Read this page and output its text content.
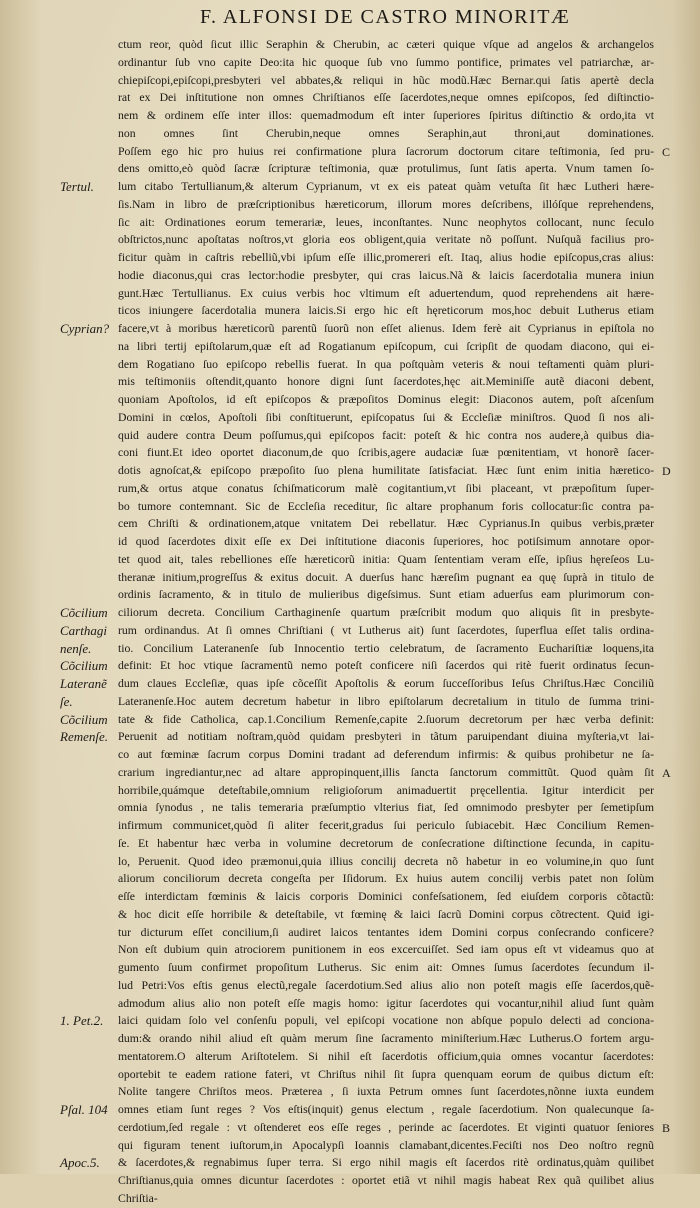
F. ALFONSI DE CASTRO MINORITÆ
ctum reor, quòd ſicut illic Seraphin & Cherubin, ac cæteri quique vſque ad angelos & archangelos
ordinantur ſub vno capite Deo:ita hic quoque ſub vno ſummo pontifice, primates vel patriarchæ, ar-
chiepiſcopi,epiſcopi,presbyteri vel abbates,& reliqui in hũc modũ.Hæc Bernar.qui ſatis apertè decla
rat ex Dei inſtitutione non omnes Chriſtianos eſſe ſacerdotes,neque omnes epiſcopos, ſed diſtinctio-
nem & ordinem eſſe inter illos: quemadmodum eſt inter ſuperiores ſpiritus diſtinctio & ordo,ita vt
non omnes ſint Cherubin,neque omnes Seraphin,aut throni,aut dominationes.
Poſſem ego hic pro huius rei confirmatione plura ſacrorum doctorum citare teſtimonia, ſed pru-
dens omitto,eò quòd ſacræ ſcripturæ teſtimonia, quæ protulimus, ſunt ſatis aperta. Vnum tamen ſo-
lum citabo Tertullianum,& alterum Cyprianum, vt ex eis pateat quàm vetuſta ſit hæc Lutheri hære-
ſis.Nam in libro de præſcriptionibus hæreticorum, illorum mores deſcribens, illóſque reprehendens,
ſic ait: Ordinationes eorum temerariæ, leues, inconſtantes. Nunc neophytos collocant, nunc ſeculo
obſtrictos,nunc apoſtatas noſtros,vt gloria eos obligent,quia veritate nõ poſſunt. Nuſquã facilius pro-
ficitur quàm in caſtris rebelliũ,vbi ipſum eſſe illic,promereri eſt. Itaq, alius hodie epiſcopus,cras alius:
hodie diaconus,qui cras lector:hodie presbyter, qui cras laicus.Nã & laicis ſacerdotalia munera iniun
gunt.Hæc Tertullianus. Ex cuius verbis hoc vltimum eſt aduertendum, quod reprehendens ait hære-
ticos iniungere ſacerdotalia munera laicis.Si ergo hic eſt hęreticorum mos,hoc debuit Lutherus etiam
facere,vt à moribus hæreticorũ parentũ ſuorũ non eſſet alienus. Idem ferè ait Cyprianus in epiſtola no
na libri tertij epiſtolarum,quæ eſt ad Rogatianum epiſcopum, cui ſcripſit de quodam diacono, qui ei-
dem Rogatiano ſuo epiſcopo rebellis fuerat. In qua poſtquàm veteris & noui teſtamenti quàm pluri-
mis teſtimoniis oſtendit,quanto honore digni ſunt ſacerdotes,hęc ait.Meminiſſe autẽ diaconi debent,
quoniam Apoſtolos, id eſt epiſcopos & præpoſitos Dominus elegit: Diaconos autem, poſt aſcenſum
Domini in cœlos, Apoſtoli ſibi conſtituerunt, epiſcopatus ſui & Eccleſiæ miniſtros. Quod ſi nos ali-
quid audere contra Deum poſſumus,qui epiſcopos facit: poteſt & hic contra nos audere,à quibus dia-
coni fiunt.Et ideo oportet diaconum,de quo ſcribis,agere audaciæ ſuæ pœnitentiam, vt honorẽ ſacer-
dotis agnoſcat,& epiſcopo præpoſito ſuo plena humilitate ſatisfaciat. Hæc ſunt enim initia hæretico-
rum,& ortus atque conatus ſchiſmaticorum malè cogitantium,vt ſibi placeant, vt præpoſitum ſuper-
bo tumore contemnant. Sic de Eccleſia receditur, ſic altare prophanum foris collocatur:ſic contra pa-
cem Chriſti & ordinationem,atque vnitatem Dei rebellatur. Hæc Cyprianus.In quibus verbis,præter
id quod ſacerdotes dixit eſſe ex Dei inſtitutione diaconis ſuperiores, hoc potiſsimum annotare opor-
tet quod ait, tales rebelliones eſſe hæreticorũ initia: Quam ſententiam veram eſſe, ipſius hęreſeos Lu-
theranæ initium,progreſſus & exitus docuit. A duerſus hanc hæreſim pugnant ea quę ſuprà in titulo de
ordinis ſacramento, & in titulo de mulieribus digeſsimus. Sunt etiam aduerſus eam plurimorum con-
ciliorum decreta. Concilium Carthaginenſe quartum præſcribit modum quo aliquis ſit in presbyte-
rum ordinandus. At ſi omnes Chriſtiani ( vt Lutherus ait) ſunt ſacerdotes, ſuperflua eſſet talis ordina-
tio. Concilium Lateranenſe ſub Innocentio tertio celebratum, de ſacramento Euchariſtiæ loquens,ita
definit: Et hoc vtique ſacramentũ nemo poteſt conficere niſi ſacerdos qui ritè fuerit ordinatus ſecun-
dum claues Eccleſiæ, quas ipſe cõceſſit Apoſtolis & eorum ſucceſſoribus Ieſus Chriſtus.Hæc Conciliũ
Lateranenſe.Hoc autem decretum habetur in libro epiſtolarum decretalium in titulo de ſumma trini-
tate & fide Catholica, cap.1.Concilium Remenſe,capite 2.ſuorum decretorum per hæc verba definit:
Peruenit ad notitiam noſtram,quòd quidam presbyteri in tãtum paruipendant diuina myſteria,vt lai-
co aut fœminæ ſacrum corpus Domini tradant ad deferendum infirmis: & quibus prohibetur ne ſa-
crarium ingrediantur,nec ad altare appropinquent,illis ſancta ſanctorum committũt. Quod quàm ſit
horribile,quámque deteſtabile,omnium religioſorum animaduertit pręcellentia. Igitur interdicit per
omnia ſynodus , ne talis temeraria præſumptio vlterius fiat, ſed omnimodo presbyter per ſemetipſum
infirmum communicet,quòd ſi aliter fecerit,gradus ſui periculo ſubiacebit. Hæc Concilium Remen-
ſe. Et habentur hæc verba in volumine decretorum de conſecratione diſtinctione ſecunda, in capitu-
lo, Peruenit. Quod ideo præmonui,quia illius concilij decreta nõ habetur in eo volumine,in quo ſunt
aliorum conciliorum decreta congeſta per Iſidorum. Ex huius autem concilij verbis patet non ſolùm
eſſe interdictam fœminis & laicis corporis Dominici confeſsationem, ſed eiuſdem corporis cõtactũ:
& hoc dicit eſſe horribile & deteſtabile, vt fœminę & laici ſacrũ Domini corpus cõtrectent. Quid igi-
tur dicturum eſſet concilium,ſi audiret laicos tentantes idem Domini corpus conſecrando conficere?
Non eſt dubium quin atrociorem punitionem in eos excercuiſſet. Sed iam opus eſt vt videamus quo at
gumento ſuum confirmet propoſitum Lutherus. Sic enim ait: Omnes ſumus ſacerdotes ſecundum il-
lud Petri:Vos eſtis genus electũ,regale ſacerdotium.Sed alius alio non poteſt magis eſſe ſacerdos,quẽ-
admodum alius alio non poteſt eſſe magis homo: igitur ſacerdotes qui vocantur,nihil aliud ſunt quàm
laici quidam ſolo vel conſenſu populi, vel epiſcopi vocatione non abſque populo delecti ad conciona-
dum:& orando nihil aliud eſt quàm merum ſine ſacramento miniſterium.Hæc Lutherus.O fortem argu-
mentatorem.O alterum Ariſtotelem. Si nihil eſt ſacerdotis officium,quia omnes vocantur ſacerdotes:
oportebit te eadem ratione fateri, vt Chriſtus nihil ſit ſupra quenquam eorum de quibus dictum eſt:
Nolite tangere Chriſtos meos. Præterea , ſi iuxta Petrum omnes ſunt ſacerdotes,nõnne iuxta eundem
omnes etiam ſunt reges ? Vos eſtis(inquit) genus electum , regale ſacerdotium. Non qualecunque ſa-
cerdotium,ſed regale : vt oſtenderet eos eſſe reges , perinde ac ſacerdotes. Et viginti quatuor ſeniores
qui figuram tenent iuſtorum,in Apocalypſi Ioannis clamabant,dicentes.Feciſti nos Deo noſtro regnũ
& ſacerdotes,& regnabimus ſuper terra. Si ergo nihil magis eſt ſacerdos ritè ordinatus,quàm quilibet
Chriſtianus,quia omnes dicuntur ſacerdotes : oportet etiã vt nihil magis habeat Rex quã quilibet alius
Chriſtia-
Tertul.
Cyprian?
Cõcilium
Carthagi
nenſe.
Cõcilium
Lateranẽ
ſe.
Cõcilium
Remenſe.
1. Pet.2.
Pſal. 104
Apoc.5.
C
D
A
B
